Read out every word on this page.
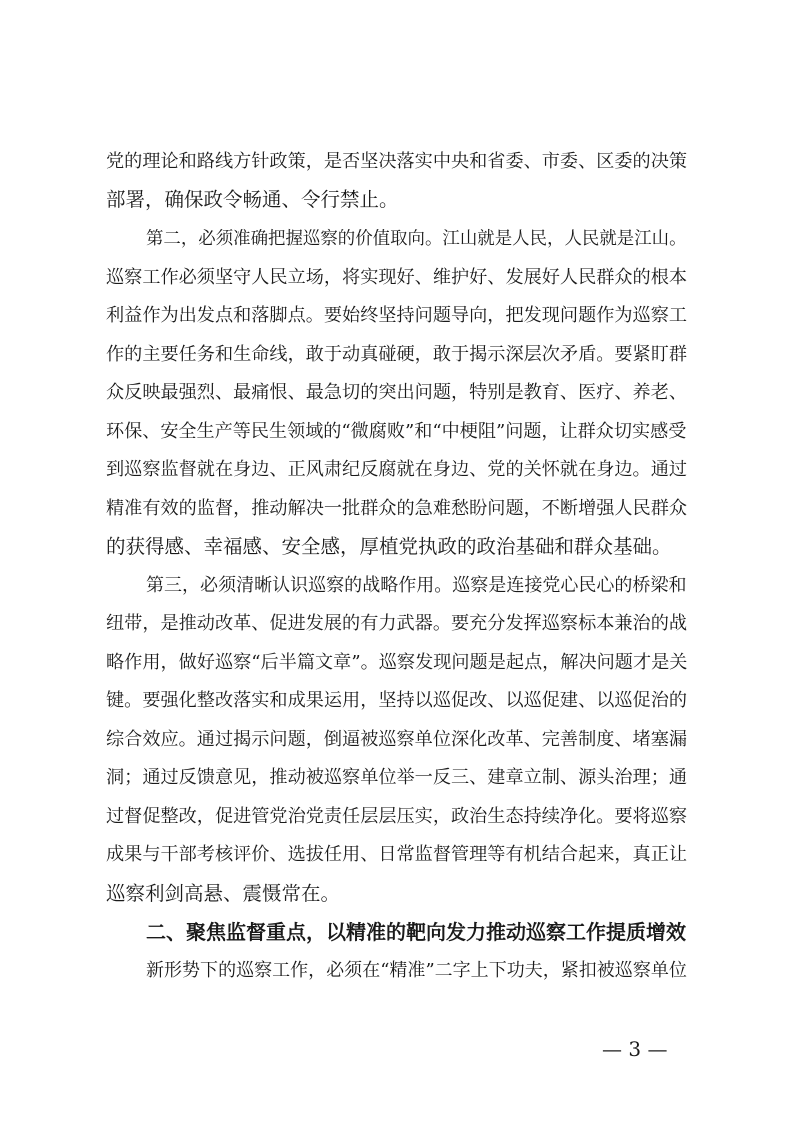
党的理论和路线方针政策，是否坚决落实中央和省委、市委、区委的决策
部署，确保政令畅通、令行禁止。
第二，必须准确把握巡察的价值取向。江山就是人民，人民就是江山。
巡察工作必须坚守人民立场，将实现好、维护好、发展好人民群众的根本
利益作为出发点和落脚点。要始终坚持问题导向，把发现问题作为巡察工
作的主要任务和生命线，敢于动真碰硬，敢于揭示深层次矛盾。要紧盯群
众反映最强烈、最痛恨、最急切的突出问题，特别是教育、医疗、养老、
环保、安全生产等民生领域的“微腐败”和“中梗阻”问题，让群众切实感受
到巡察监督就在身边、正风肃纪反腐就在身边、党的关怀就在身边。通过
精准有效的监督，推动解决一批群众的急难愁盼问题，不断增强人民群众
的获得感、幸福感、安全感，厚植党执政的政治基础和群众基础。
第三，必须清晰认识巡察的战略作用。巡察是连接党心民心的桥梁和
纽带，是推动改革、促进发展的有力武器。要充分发挥巡察标本兼治的战
略作用，做好巡察“后半篇文章”。巡察发现问题是起点，解决问题才是关
键。要强化整改落实和成果运用，坚持以巡促改、以巡促建、以巡促治的
综合效应。通过揭示问题，倒逼被巡察单位深化改革、完善制度、堵塞漏
洞；通过反馈意见，推动被巡察单位举一反三、建章立制、源头治理；通
过督促整改，促进管党治党责任层层压实，政治生态持续净化。要将巡察
成果与干部考核评价、选拔任用、日常监督管理等有机结合起来，真正让
巡察利剑高悬、震慑常在。
二、聚焦监督重点，以精准的靶向发力推动巡察工作提质增效
新形势下的巡察工作，必须在“精准”二字上下功夫，紧扣被巡察单位
— 3 —
